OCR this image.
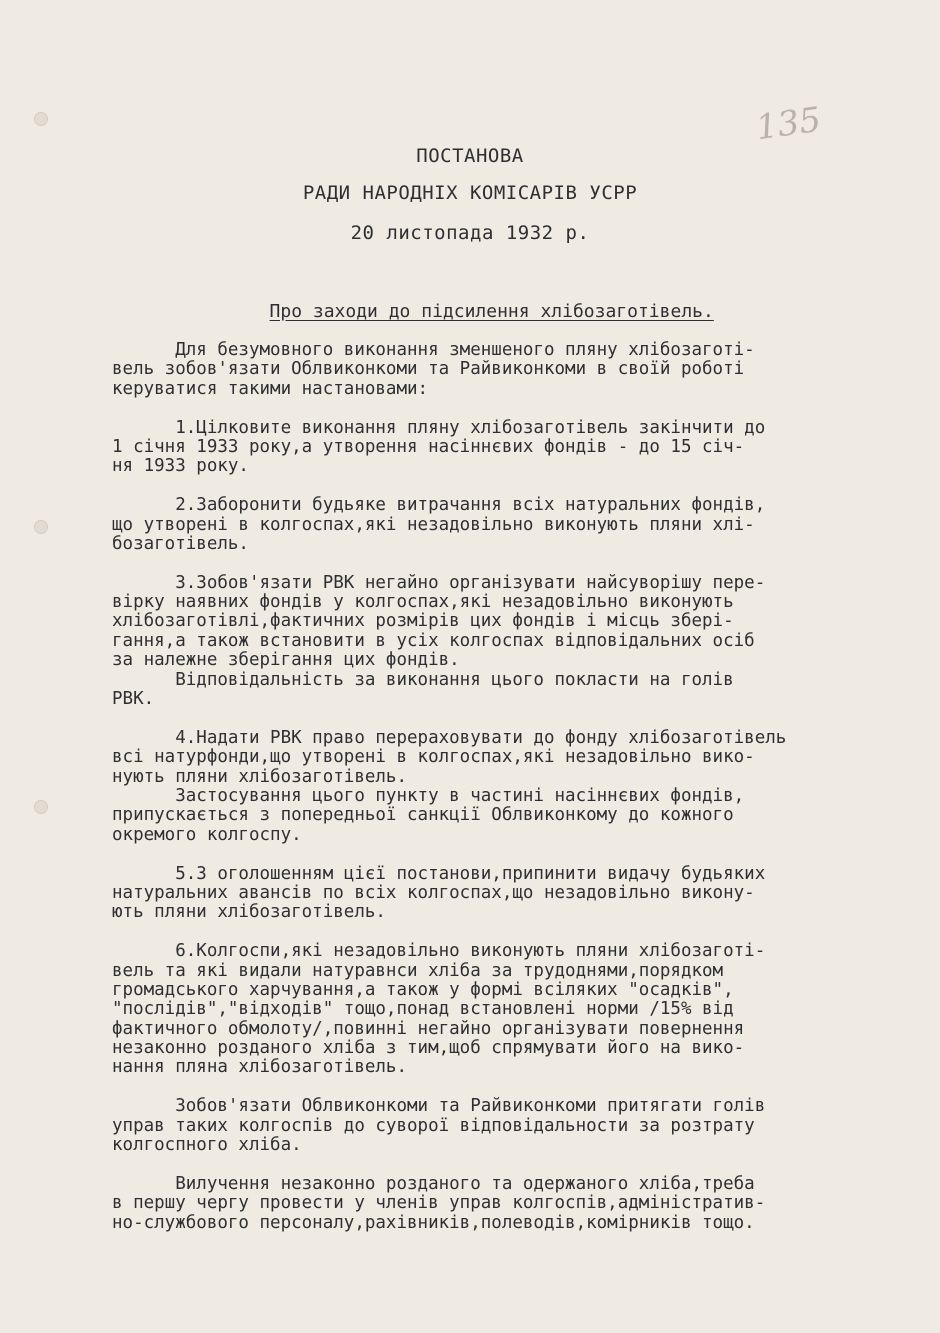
135
ПОСТАНОВА
РАДИ НАРОДНІХ КОМІСАРІВ УСРР
20 листопада 1932 р.

Про заходи до підсилення хлібозаготівель.

Для безумовного виконання зменшеного пляну хлібозаготі-
вель зобов'язати Облвиконкоми та Райвиконкоми в своїй роботі
керуватися такими настановами:
1.Цілковите виконання пляну хлібозаготівель закінчити до
1 січня 1933 року,а утворення насіннєвих фондів - до 15 січ-
ня 1933 року.
2.Заборонити будьяке витрачання всіх натуральних фондів,
що утворені в колгоспах,які незадовільно виконують пляни хлі-
бозаготівель.
3.Зобов'язати РВК негайно організувати найсуворішу пере-
вірку наявних фондів у колгоспах,які незадовільно виконують
хлібозаготівлі,фактичних розмірів цих фондів і місць збері-
гання,а також встановити в усіх колгоспах відповідальних осіб
за належне зберігання цих фондів.
Відповідальність за виконання цього покласти на голів
РВК.
4.Надати РВК право перераховувати до фонду хлібозаготівель
всі натурфонди,що утворені в колгоспах,які незадовільно вико-
нують пляни хлібозаготівель.
Застосування цього пункту в частині насіннєвих фондів,
припускається з попередньої санкції Облвиконкому до кожного
окремого колгоспу.
5.З оголошенням цієї постанови,припинити видачу будьяких
натуральних авансів по всіх колгоспах,що незадовільно викону-
ють пляни хлібозаготівель.
6.Колгоспи,які незадовільно виконують пляни хлібозаготі-
вель та які видали натуравнси хліба за трудоднями,порядком
громадського харчування,а також у формі всіляких "осадків",
"послідів","відходів" тощо,понад встановлені норми /15% від
фактичного обмолоту/,повинні негайно організувати повернення
незаконно розданого хліба з тим,щоб спрямувати його на вико-
нання пляна хлібозаготівель.
Зобов'язати Облвиконкоми та Райвиконкоми притягати голів
управ таких колгоспів до суворої відповідальности за розтрату
колгоспного хліба.
Вилучення незаконно розданого та одержаного хліба,треба
в першу чергу провести у членів управ колгоспів,адміністратив-
но-службового персоналу,рахівників,полеводів,комірників тощо.
